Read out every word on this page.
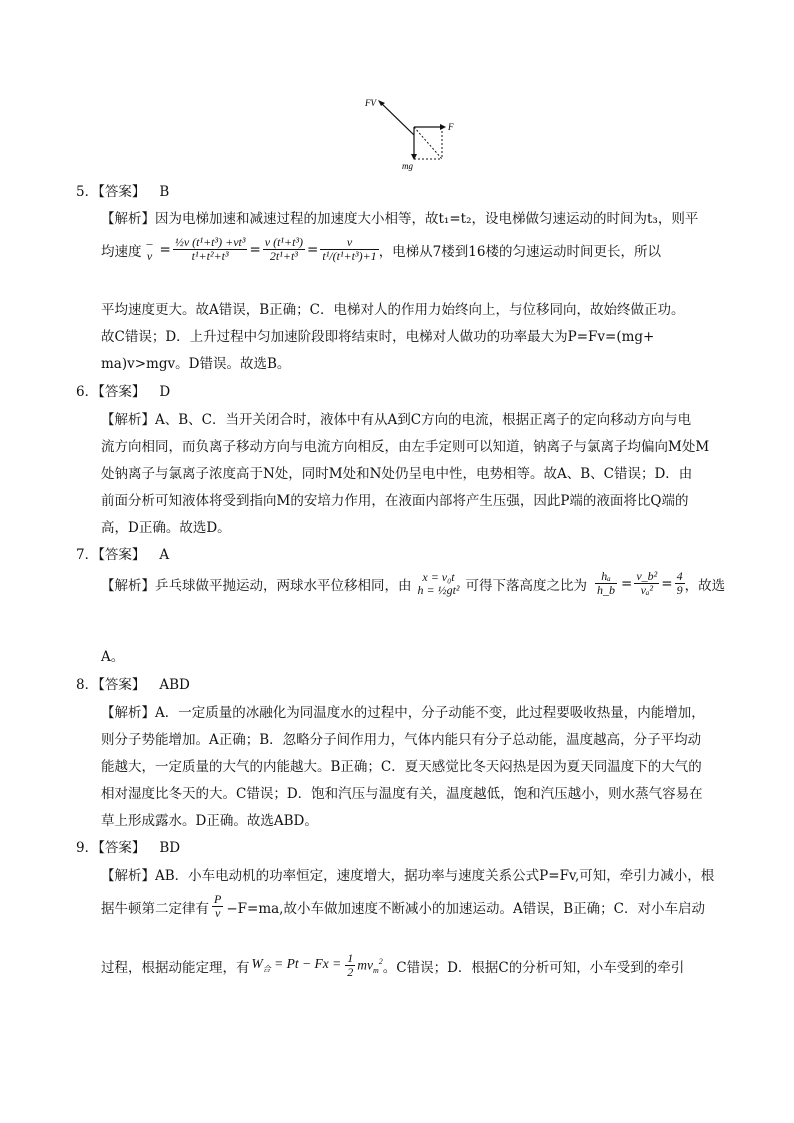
FV
F
mg
5．【答案】 B
【解析】因为电梯加速和减速过程的加速度大小相等，故t₁=t₂，设电梯做匀速运动的时间为t₃，则平
均速度
–
$v = \frac{\text{½v (t¹+t³) +vt³}}{\text{t¹+t²+t³}} = \frac{\text{v (t¹+t³)}}{\text{2t¹+t³}} = \frac{v}{\text{t¹/(t¹+t³)+1}}$ ，电梯从7楼到16楼的匀速运动时间更长，所以
平均速度更大。故A错误，B正确；C．电梯对人的作用力始终向上，与位移同向，故始终做正功。
故C错误；D．上升过程中匀加速阶段即将结束时，电梯对人做功的功率最大为P=Fv=(mg+
ma)v>mgv。D错误。故选B。
6．【答案】 D
【解析】A、B、C．当开关闭合时，液体中有从A到C方向的电流，根据正离子的定向移动方向与电
流方向相同，而负离子移动方向与电流方向相反，由左手定则可以知道，钠离子与氯离子均偏向M处M
处钠离子与氯离子浓度高于N处，同时M处和N处仍呈电中性，电势相等。故A、B、C错误；D．由
前面分析可知液体将受到指向M的安培力作用，在液面内部将产生压强，因此P端的液面将比Q端的
高，D正确。故选D。
7．【答案】 A
【解析】乒乓球做平抛运动，两球水平位移相同，由
x = v₀t
h = ½gt² 可得下落高度之比为 $\frac{\text{hₐ}}{h\_b} = \frac{\text{v\_b²}}{\text{vₐ²}} = \frac{4}{9}$ ，故选
A。
8．【答案】 ABD
【解析】A．一定质量的冰融化为同温度水的过程中，分子动能不变，此过程要吸收热量，内能增加，
则分子势能增加。A正确；B．忽略分子间作用力，气体内能只有分子总动能，温度越高，分子平均动
能越大，一定质量的大气的内能越大。B正确；C．夏天感觉比冬天闷热是因为夏天同温度下的大气的
相对湿度比冬天的大。C错误；D．饱和汽压与温度有关，温度越低，饱和汽压越小，则水蒸气容易在
草上形成露水。D正确。故选ABD。
9．【答案】 BD
【解析】AB．小车电动机的功率恒定，速度增大，据功率与速度关系公式P=Fv,可知，牵引力减小，根
据牛顿第二定律有 $\frac{P}{v} -F=ma$,故小车做加速度不断减小的加速运动。A错误，B正确；C．对小车启动
过程，根据动能定理，有 $W_合 = Pt - Fx = \frac{1}{2} mv_m^2$ 。C错误；D．根据C的分析可知，小车受到的牵引
